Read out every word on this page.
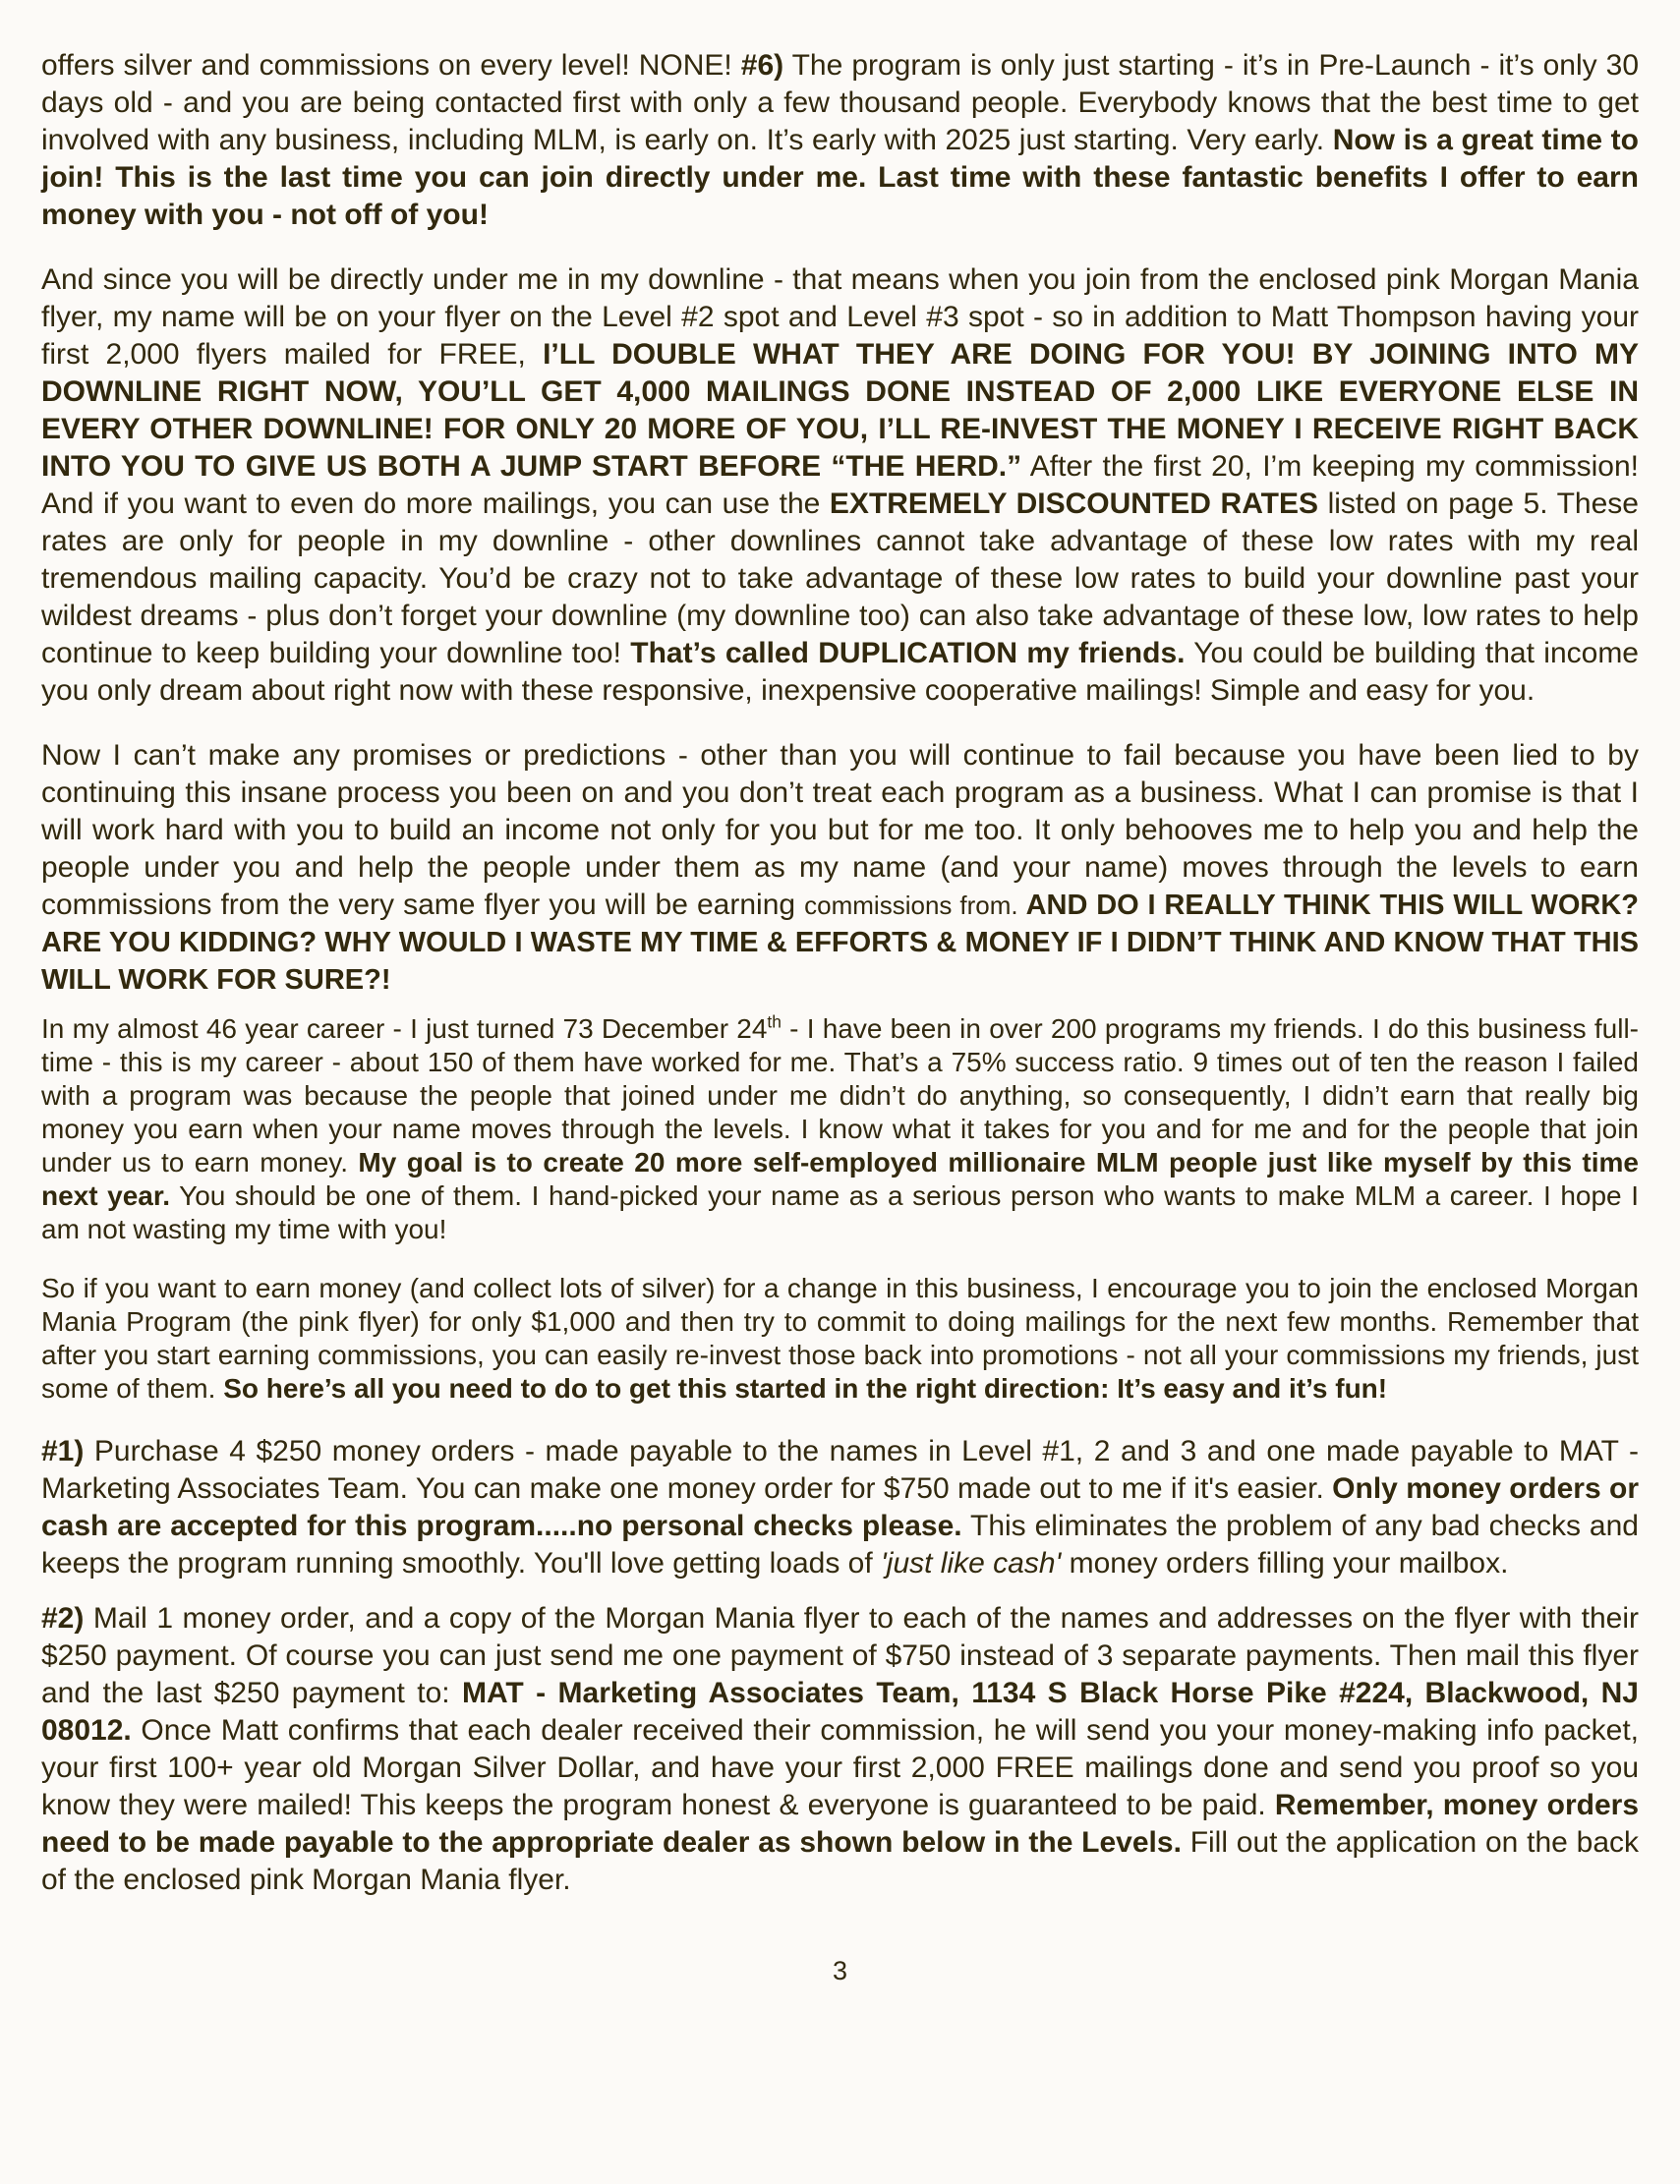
offers silver and commissions on every level! NONE! #6) The program is only just starting - it’s in Pre-Launch - it’s only 30 days old - and you are being contacted first with only a few thousand people. Everybody knows that the best time to get involved with any business, including MLM, is early on. It’s early with 2025 just starting. Very early. Now is a great time to join! This is the last time you can join directly under me. Last time with these fantastic benefits I offer to earn money with you - not off of you!

And since you will be directly under me in my downline - that means when you join from the enclosed pink Morgan Mania flyer, my name will be on your flyer on the Level #2 spot and Level #3 spot - so in addition to Matt Thompson having your first 2,000 flyers mailed for FREE, I’LL DOUBLE WHAT THEY ARE DOING FOR YOU! BY JOINING INTO MY DOWNLINE RIGHT NOW, YOU’LL GET 4,000 MAILINGS DONE INSTEAD OF 2,000 LIKE EVERYONE ELSE IN EVERY OTHER DOWNLINE! FOR ONLY 20 MORE OF YOU, I’LL RE-INVEST THE MONEY I RECEIVE RIGHT BACK INTO YOU TO GIVE US BOTH A JUMP START BEFORE “THE HERD.” After the first 20, I’m keeping my commission! And if you want to even do more mailings, you can use the EXTREMELY DISCOUNTED RATES listed on page 5. These rates are only for people in my downline - other downlines cannot take advantage of these low rates with my real tremendous mailing capacity. You’d be crazy not to take advantage of these low rates to build your downline past your wildest dreams - plus don’t forget your downline (my downline too) can also take advantage of these low, low rates to help continue to keep building your downline too! That’s called DUPLICATION my friends. You could be building that income you only dream about right now with these responsive, inexpensive cooperative mailings! Simple and easy for you.

Now I can’t make any promises or predictions - other than you will continue to fail because you have been lied to by continuing this insane process you been on and you don’t treat each program as a business. What I can promise is that I will work hard with you to build an income not only for you but for me too. It only behooves me to help you and help the people under you and help the people under them as my name (and your name) moves through the levels to earn commissions from the very same flyer you will be earning commissions from. AND DO I REALLY THINK THIS WILL WORK? ARE YOU KIDDING? WHY WOULD I WASTE MY TIME & EFFORTS & MONEY IF I DIDN’T THINK AND KNOW THAT THIS WILL WORK FOR SURE?!

In my almost 46 year career - I just turned 73 December 24th - I have been in over 200 programs my friends. I do this business full-time - this is my career - about 150 of them have worked for me. That’s a 75% success ratio. 9 times out of ten the reason I failed with a program was because the people that joined under me didn’t do anything, so consequently, I didn’t earn that really big money you earn when your name moves through the levels. I know what it takes for you and for me and for the people that join under us to earn money. My goal is to create 20 more self-employed millionaire MLM people just like myself by this time next year. You should be one of them. I hand-picked your name as a serious person who wants to make MLM a career. I hope I am not wasting my time with you!

So if you want to earn money (and collect lots of silver) for a change in this business, I encourage you to join the enclosed Morgan Mania Program (the pink flyer) for only $1,000 and then try to commit to doing mailings for the next few months. Remember that after you start earning commissions, you can easily re-invest those back into promotions - not all your commissions my friends, just some of them. So here’s all you need to do to get this started in the right direction: It’s easy and it’s fun!

#1) Purchase 4 $250 money orders - made payable to the names in Level #1, 2 and 3 and one made payable to MAT - Marketing Associates Team. You can make one money order for $750 made out to me if it's easier. Only money orders or cash are accepted for this program.....no personal checks please. This eliminates the problem of any bad checks and keeps the program running smoothly. You'll love getting loads of 'just like cash' money orders filling your mailbox.

#2) Mail 1 money order, and a copy of the Morgan Mania flyer to each of the names and addresses on the flyer with their $250 payment. Of course you can just send me one payment of $750 instead of 3 separate payments. Then mail this flyer and the last $250 payment to: MAT - Marketing Associates Team, 1134 S Black Horse Pike #224, Blackwood, NJ 08012. Once Matt confirms that each dealer received their commission, he will send you your money-making info packet, your first 100+ year old Morgan Silver Dollar, and have your first 2,000 FREE mailings done and send you proof so you know they were mailed! This keeps the program honest & everyone is guaranteed to be paid. Remember, money orders need to be made payable to the appropriate dealer as shown below in the Levels. Fill out the application on the back of the enclosed pink Morgan Mania flyer.

3
